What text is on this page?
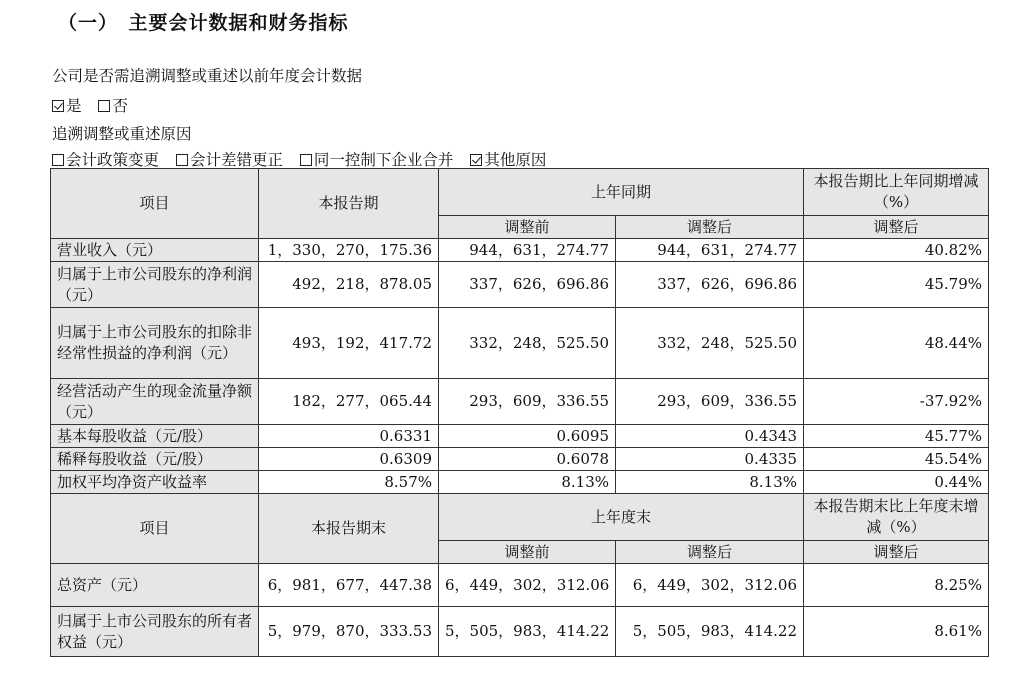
（一）　主要会计数据和财务指标
公司是否需追溯调整或重述以前年度会计数据
是 否
追溯调整或重述原因
会计政策变更 会计差错更正 同一控制下企业合并 其他原因
项目	本报告期	上年同期		本报告期比上年同期增减（%）
		调整前	调整后	调整后
营业收入（元）	1，330，270，175.36	944，631，274.77	944，631，274.77	40.82%
归属于上市公司股东的净利润（元）	492，218，878.05	337，626，696.86	337，626，696.86	45.79%
归属于上市公司股东的扣除非经常性损益的净利润（元）	493，192，417.72	332，248，525.50	332，248，525.50	48.44%
经营活动产生的现金流量净额（元）	182，277，065.44	293，609，336.55	293，609，336.55	-37.92%
基本每股收益（元/股）	0.6331	0.6095	0.4343	45.77%
稀释每股收益（元/股）	0.6309	0.6078	0.4335	45.54%
加权平均净资产收益率	8.57%	8.13%	8.13%	0.44%
项目	本报告期末	上年度末		本报告期末比上年度末增减（%）
		调整前	调整后	调整后
总资产（元）	6，981，677，447.38	6，449，302，312.06	6，449，302，312.06	8.25%
归属于上市公司股东的所有者权益（元）	5，979，870，333.53	5，505，983，414.22	5，505，983，414.22	8.61%
